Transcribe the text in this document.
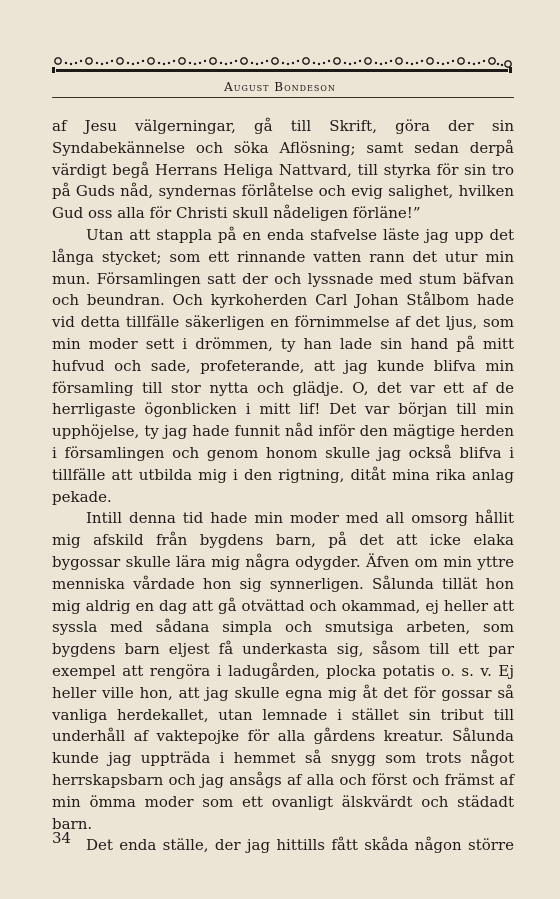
August Bondeson

af Jesu välgerningar, gå till Skrift, göra der sin Syndabekännelse och söka Aflösning; samt sedan derpå värdigt begå Herrans Heliga Nattvard, till styrka för sin tro på Guds nåd, syndernas förlåtelse och evig salighet, hvilken Gud oss alla för Christi skull nådeligen förläne!”

Utan att stappla på en enda stafvelse läste jag upp det långa stycket; som ett rinnande vatten rann det utur min mun. Församlingen satt der och lyssnade med stum bäfvan och beundran. Och kyrkoherden Carl Johan Stålbom hade vid detta tillfälle säkerligen en förnimmelse af det ljus, som min moder sett i drömmen, ty han lade sin hand på mitt hufvud och sade, profeterande, att jag kunde blifva min församling till stor nytta och glädje. O, det var ett af de herrligaste ögonblicken i mitt lif! Det var början till min upphöjelse, ty jag hade funnit nåd inför den mägtige herden i församlingen och genom honom skulle jag också blifva i tillfälle att utbilda mig i den rigtning, ditåt mina rika anlag pekade.

Intill denna tid hade min moder med all omsorg hållit mig afskild från bygdens barn, på det att icke elaka bygossar skulle lära mig några odygder. Äfven om min yttre menniska vårdade hon sig synnerligen. Sålunda tillät hon mig aldrig en dag att gå otvättad och okammad, ej heller att syssla med sådana simpla och smutsiga arbeten, som bygdens barn eljest få underkasta sig, såsom till ett par exempel att rengöra i ladugården, plocka potatis o. s. v. Ej heller ville hon, att jag skulle egna mig åt det för gossar så vanliga herdekallet, utan lemnade i stället sin tribut till underhåll af vaktepojke för alla gårdens kreatur. Sålunda kunde jag uppträda i hemmet så snygg som trots något herrskapsbarn och jag ansågs af alla och först och främst af min ömma moder som ett ovanligt älskvärdt och städadt barn.

Det enda ställe, der jag hittills fått skåda någon större

34
